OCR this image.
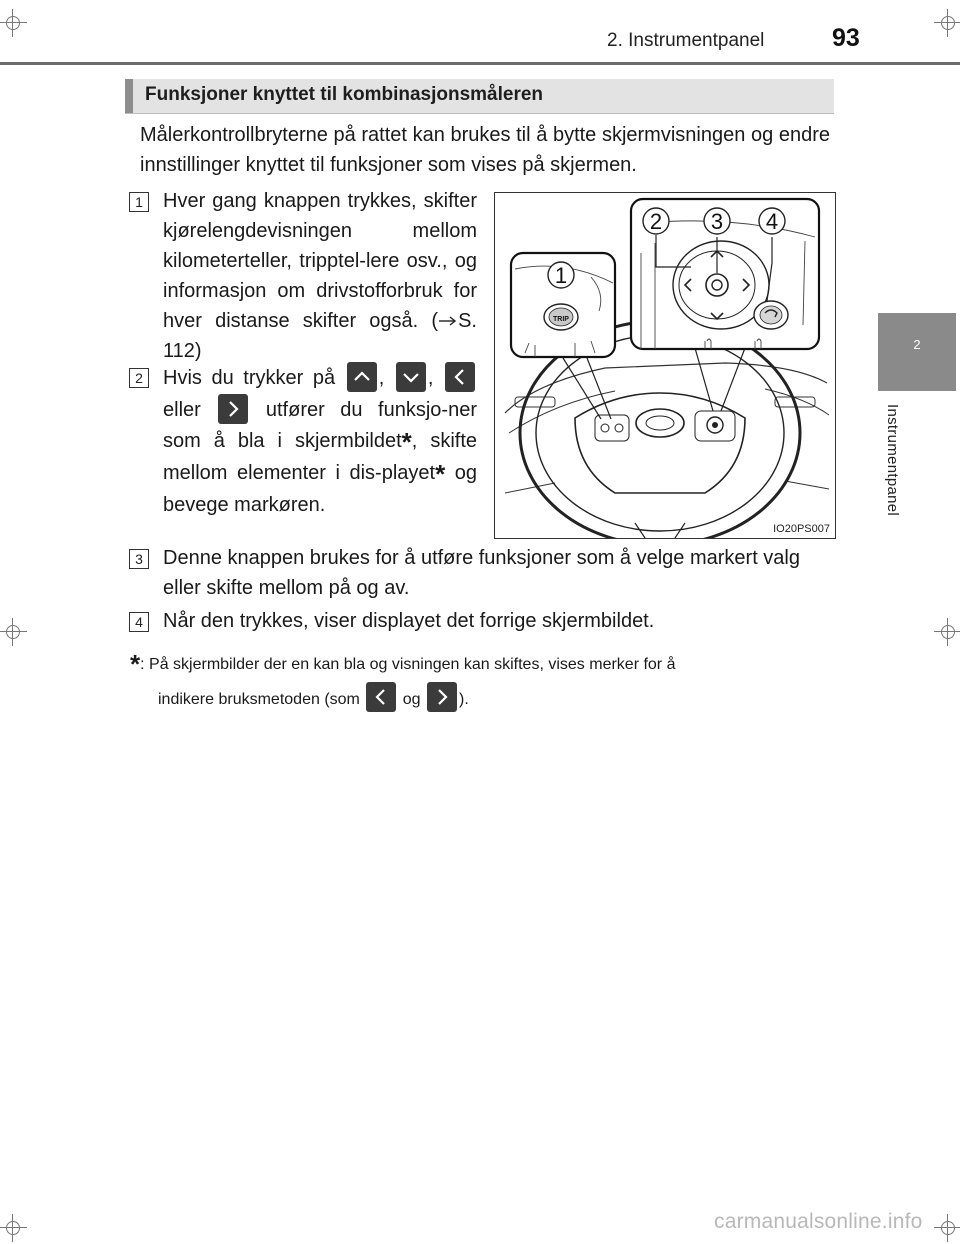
2. Instrumentpanel	93
2
Instrumentpanel
Funksjoner knyttet til kombinasjonsmåleren
Målerkontrollbryterne på rattet kan brukes til å bytte skjermvisningen og endre innstillinger knyttet til funksjoner som vises på skjermen.
1	Hver gang knappen trykkes, skifter kjørelengdevisningen mellom kilometerteller, tripptel-lere osv., og informasjon om drivstofforbruk for hver distanse skifter også. ( S. 112)
2	Hvis du trykker på , ,
eller	utfører du funksjo-ner som å bla i skjermbildet*, skifte mellom elementer i dis-playet* og bevege markøren.
1
2 3 4
TRIP
IO20PS007
3	Denne knappen brukes for å utføre funksjoner som å velge markert valg eller skifte mellom på og av.
4	Når den trykkes, viser displayet det forrige skjermbildet.
*: På skjermbilder der en kan bla og visningen kan skiftes, vises merker for å
indikere bruksmetoden (som	og ).
carmanualsonline.info
